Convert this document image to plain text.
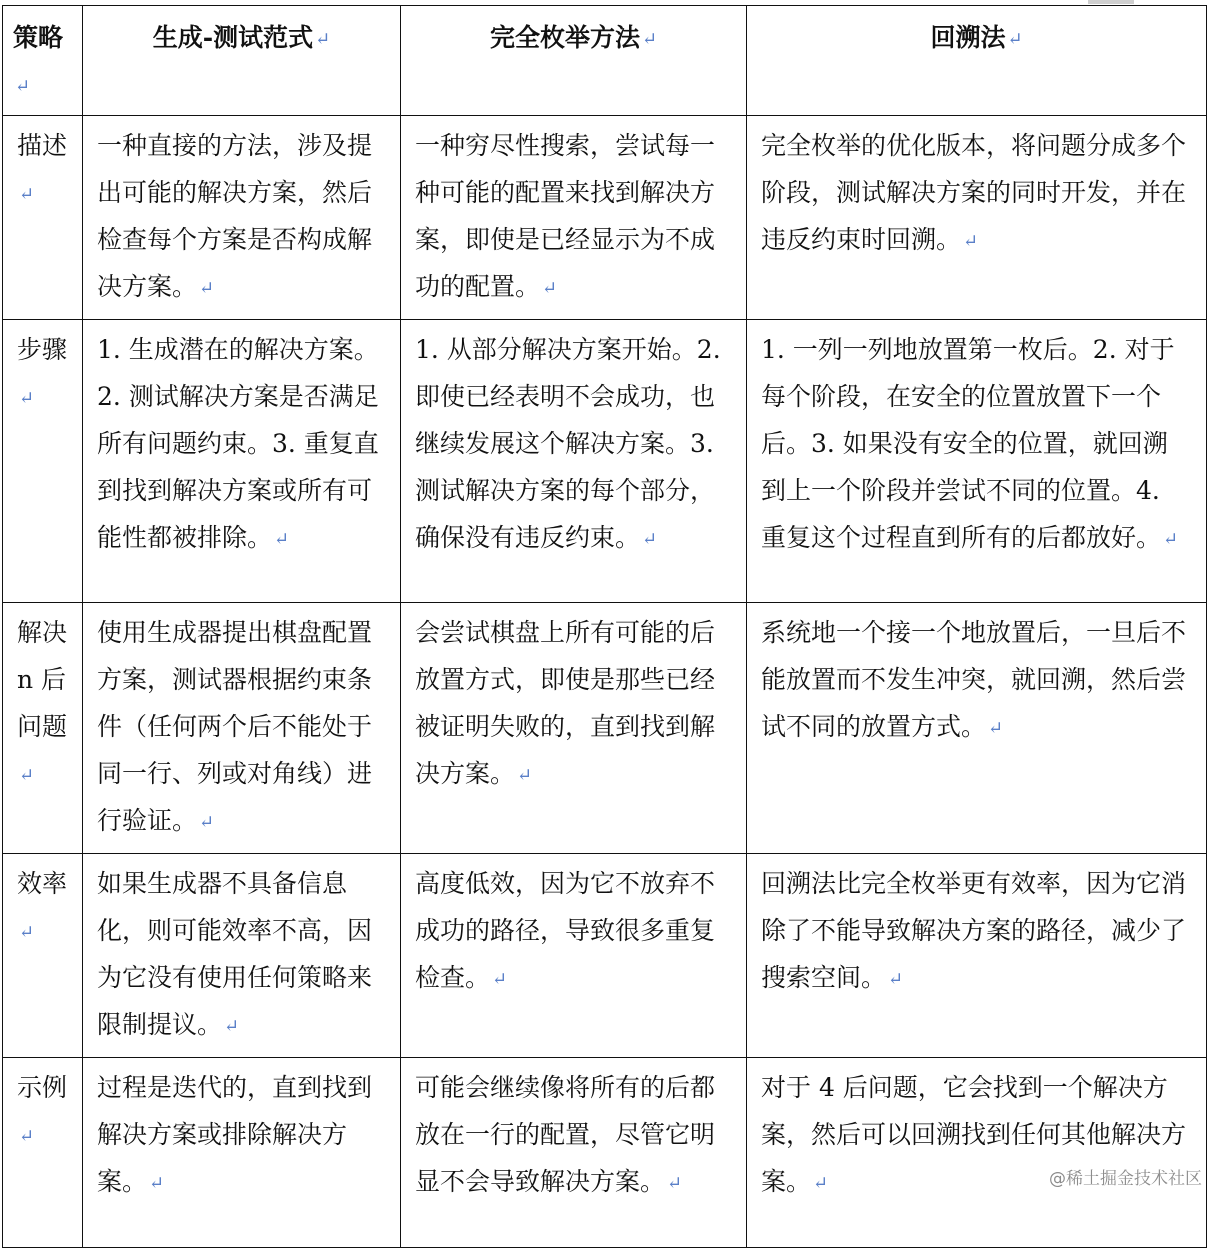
策略↵	生成-测试范式 ↵	完全枚举方法 ↵	回溯法 ↵
描述↵	一种直接的方法，涉及提出可能的解决方案，然后检查每个方案是否构成解决方案。 ↵	一种穷尽性搜索，尝试每一种可能的配置来找到解决方案，即使是已经显示为不成功的配置。 ↵	完全枚举的优化版本，将问题分成多个阶段，测试解决方案的同时开发，并在违反约束时回溯。 ↵
步骤↵	1. 生成潜在的解决方案。2. 测试解决方案是否满足所有问题约束。3. 重复直到找到解决方案或所有可能性都被排除。 ↵	1. 从部分解决方案开始。2. 即使已经表明不会成功，也继续发展这个解决方案。3. 测试解决方案的每个部分，确保没有违反约束。 ↵	1. 一列一列地放置第一枚后。2. 对于每个阶段，在安全的位置放置下一个后。3. 如果没有安全的位置，就回溯到上一个阶段并尝试不同的位置。4. 重复这个过程直到所有的后都放好。 ↵
解决 n 后问题↵	使用生成器提出棋盘配置方案，测试器根据约束条件（任何两个后不能处于同一行、列或对角线）进行验证。 ↵	会尝试棋盘上所有可能的后放置方式，即使是那些已经被证明失败的，直到找到解决方案。 ↵	系统地一个接一个地放置后，一旦后不能放置而不发生冲突，就回溯，然后尝试不同的放置方式。 ↵
效率↵	如果生成器不具备信息化，则可能效率不高，因为它没有使用任何策略来限制提议。 ↵	高度低效，因为它不放弃不成功的路径，导致很多重复检查。 ↵	回溯法比完全枚举更有效率，因为它消除了不能导致解决方案的路径，减少了搜索空间。 ↵
示例↵	过程是迭代的，直到找到解决方案或排除解决方案。 ↵	可能会继续像将所有的后都放在一行的配置，尽管它明显不会导致解决方案。 ↵	对于 4 后问题，它会找到一个解决方案，然后可以回溯找到任何其他解决方案。 ↵	@稀土掘金技术社区
